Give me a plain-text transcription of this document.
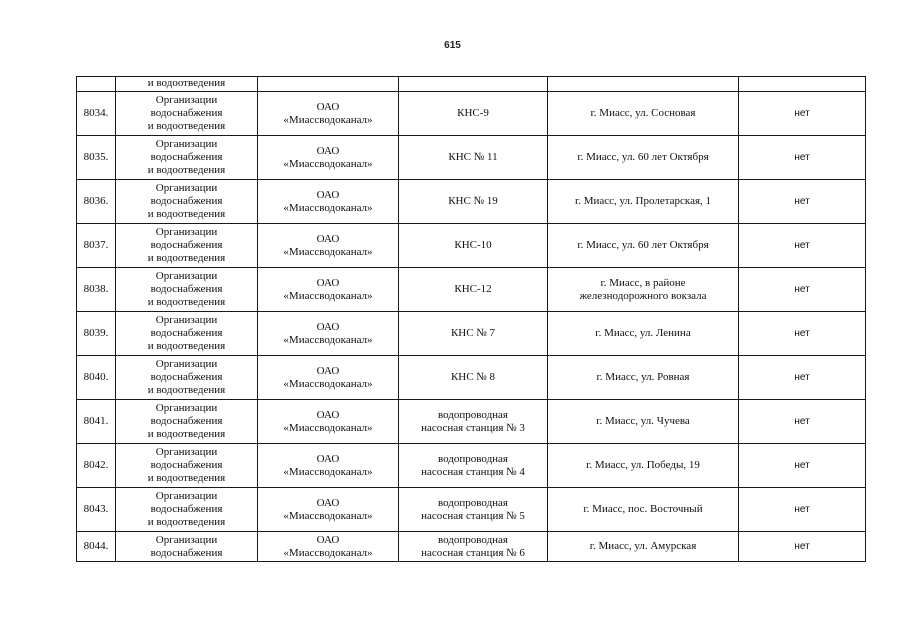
615

	и водоотведения				

8034.	Организации
водоснабжения
и водоотведения	ОАО
«Миассводоканал»	КНС-9	г. Миасс, ул. Сосновая	нет
8035.	Организации
водоснабжения
и водоотведения	ОАО
«Миассводоканал»	КНС № 11	г. Миасс, ул. 60 лет Октября	нет
8036.	Организации
водоснабжения
и водоотведения	ОАО
«Миассводоканал»	КНС № 19	г. Миасс, ул. Пролетарская, 1	нет
8037.	Организации
водоснабжения
и водоотведения	ОАО
«Миассводоканал»	КНС-10	г. Миасс, ул. 60 лет Октября	нет
8038.	Организации
водоснабжения
и водоотведения	ОАО
«Миассводоканал»	КНС-12	г. Миасс, в районе
железнодорожного вокзала	нет
8039.	Организации
водоснабжения
и водоотведения	ОАО
«Миассводоканал»	КНС № 7	г. Миасс, ул. Ленина	нет
8040.	Организации
водоснабжения
и водоотведения	ОАО
«Миассводоканал»	КНС № 8	г. Миасс, ул. Ровная	нет
8041.	Организации
водоснабжения
и водоотведения	ОАО
«Миассводоканал»	водопроводная
насосная станция № 3	г. Миасс, ул. Чучева	нет
8042.	Организации
водоснабжения
и водоотведения	ОАО
«Миассводоканал»	водопроводная
насосная станция № 4	г. Миасс, ул. Победы, 19	нет
8043.	Организации
водоснабжения
и водоотведения	ОАО
«Миассводоканал»	водопроводная
насосная станция № 5	г. Миасс, пос. Восточный	нет
8044.	Организации
водоснабжения	ОАО
«Миассводоканал»	водопроводная
насосная станция № 6	г. Миасс, ул. Амурская	нет
